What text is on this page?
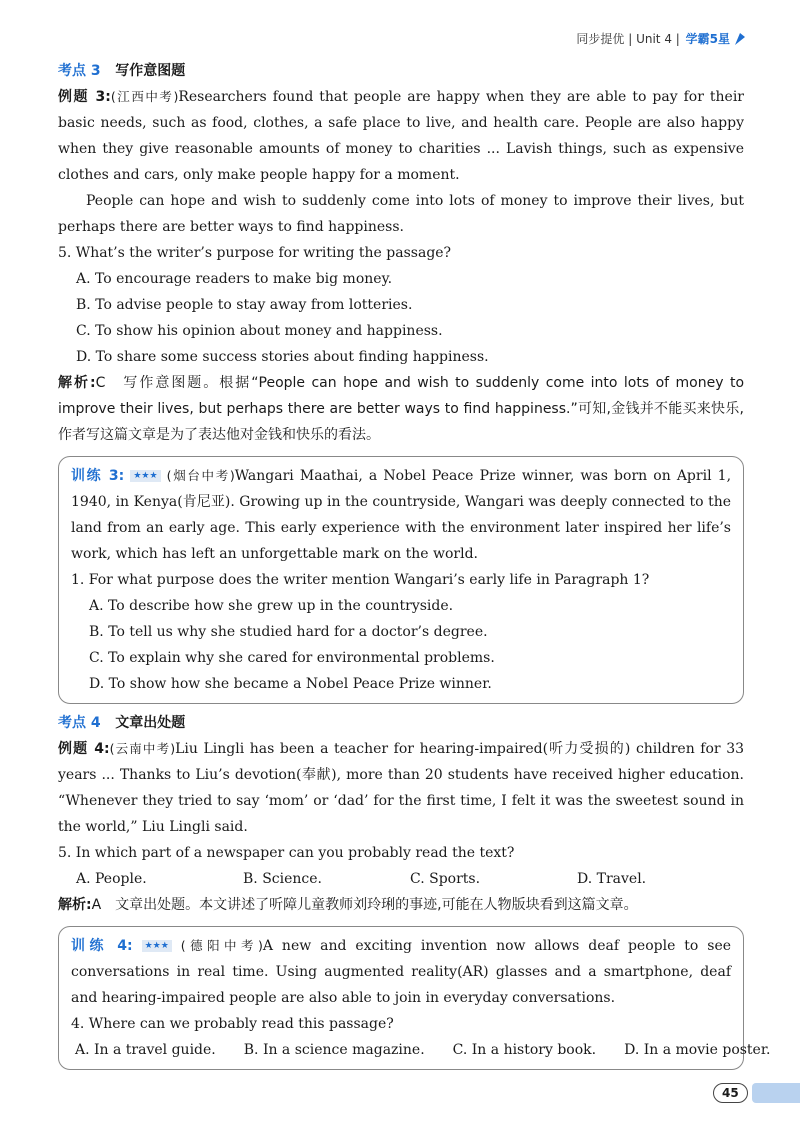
同步提优 | Unit 4 | 学霸5星

考点 3 写作意图题

例题 3:(江西中考)Researchers found that people are happy when they are able to pay for their basic needs, such as food, clothes, a safe place to live, and health care. People are also happy when they give reasonable amounts of money to charities ... Lavish things, such as expensive clothes and cars, only make people happy for a moment.

People can hope and wish to suddenly come into lots of money to improve their lives, but perhaps there are better ways to find happiness.

5. What’s the writer’s purpose for writing the passage?

A. To encourage readers to make big money.

B. To advise people to stay away from lotteries.

C. To show his opinion about money and happiness.

D. To share some success stories about finding happiness.

解析:C　写作意图题。根据“People can hope and wish to suddenly come into lots of money to improve their lives, but perhaps there are better ways to find happiness.”可知,金钱并不能买来快乐,作者写这篇文章是为了表达他对金钱和快乐的看法。

训练 3: ★★★ (烟台中考)Wangari Maathai, a Nobel Peace Prize winner, was born on April 1, 1940, in Kenya(肯尼亚). Growing up in the countryside, Wangari was deeply connected to the land from an early age. This early experience with the environment later inspired her life’s work, which has left an unforgettable mark on the world.

1. For what purpose does the writer mention Wangari’s early life in Paragraph 1?

A. To describe how she grew up in the countryside.

B. To tell us why she studied hard for a doctor’s degree.

C. To explain why she cared for environmental problems.

D. To show how she became a Nobel Peace Prize winner.

考点 4 文章出处题

例题 4:(云南中考)Liu Lingli has been a teacher for hearing-impaired(听力受损的) children for 33 years ... Thanks to Liu’s devotion(奉献), more than 20 students have received higher education. “Whenever they tried to say ‘mom’ or ‘dad’ for the first time, I felt it was the sweetest sound in the world,” Liu Lingli said.

5. In which part of a newspaper can you probably read the text?

A. People.	B. Science.	C. Sports.	D. Travel.

解析:A　文章出处题。本文讲述了听障儿童教师刘玲琍的事迹,可能在人物版块看到这篇文章。

训练 4: ★★★ (德阳中考)A new and exciting invention now allows deaf people to see conversations in real time. Using augmented reality(AR) glasses and a smartphone, deaf and hearing-impaired people are also able to join in everyday conversations.

4. Where can we probably read this passage?

A. In a travel guide. B. In a science magazine. C. In a history book. D. In a movie poster.
45
